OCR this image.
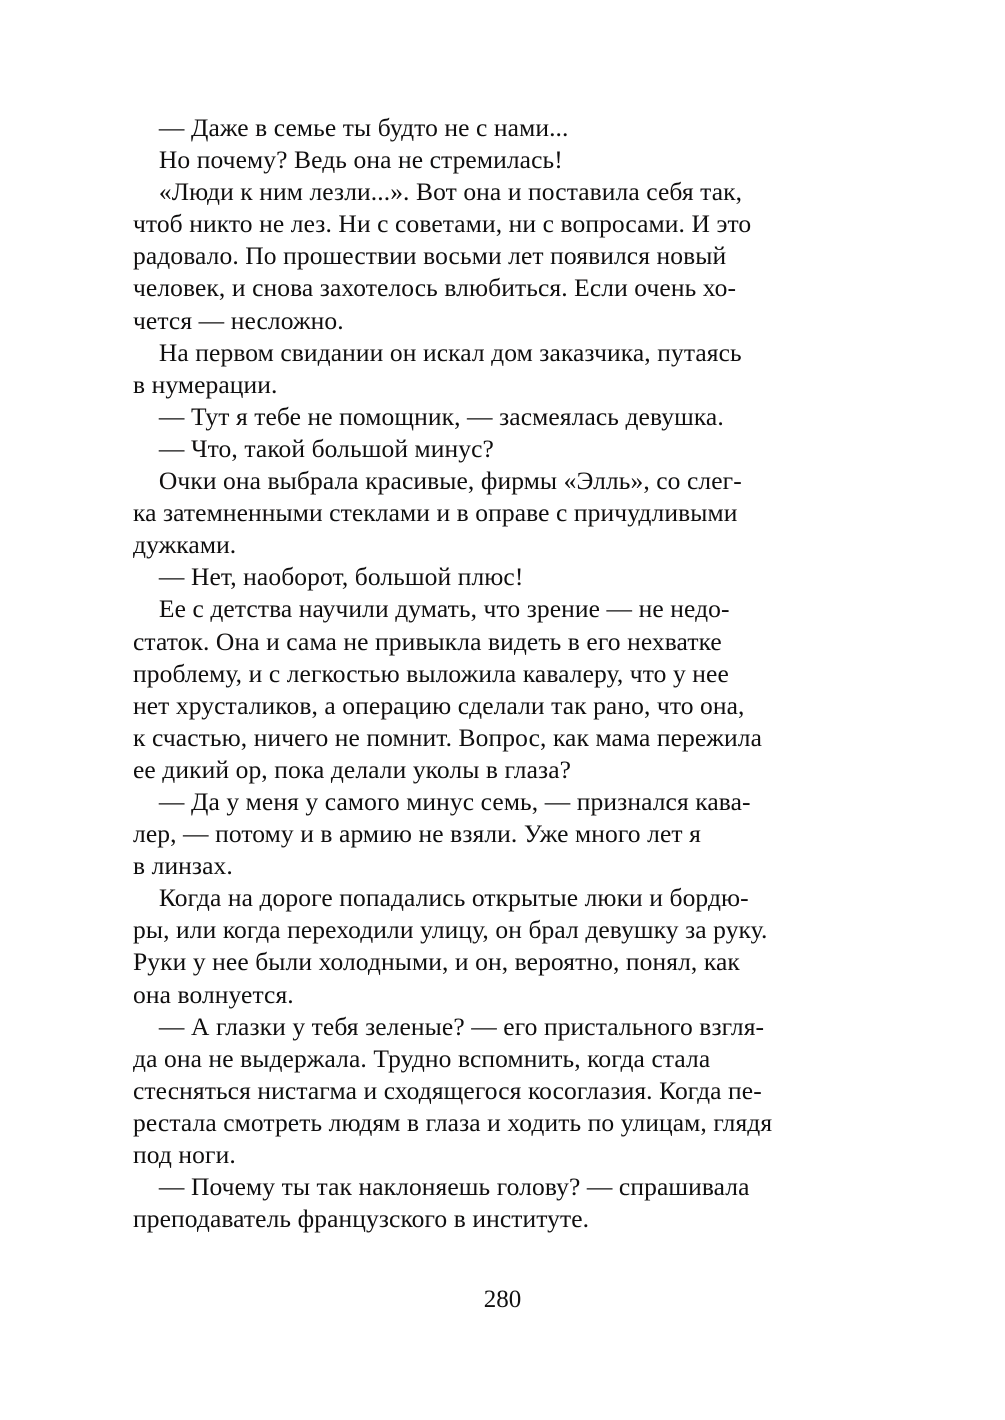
— Даже в семье ты будто не с нами...
Но почему? Ведь она не стремилась!
«Люди к ним лезли...». Вот она и поставила себя так,
чтоб никто не лез. Ни с советами, ни с вопросами. И это
радовало. По прошествии восьми лет появился новый
человек, и снова захотелось влюбиться. Если очень хо-
чется — несложно.
На первом свидании он искал дом заказчика, путаясь
в нумерации.
— Тут я тебе не помощник, — засмеялась девушка.
— Что, такой большой минус?
Очки она выбрала красивые, фирмы «Элль», со слег-
ка затемненными стеклами и в оправе с причудливыми
дужками.
— Нет, наоборот, большой плюс!
Ее с детства научили думать, что зрение — не недо-
статок. Она и сама не привыкла видеть в его нехватке
проблему, и с легкостью выложила кавалеру, что у нее
нет хрусталиков, а операцию сделали так рано, что она,
к счастью, ничего не помнит. Вопрос, как мама пережила
ее дикий ор, пока делали уколы в глаза?
— Да у меня у самого минус семь, — признался кава-
лер, — потому и в армию не взяли. Уже много лет я
в линзах.
Когда на дороге попадались открытые люки и бордю-
ры, или когда переходили улицу, он брал девушку за руку.
Руки у нее были холодными, и он, вероятно, понял, как
она волнуется.
— А глазки у тебя зеленые? — его пристального взгля-
да она не выдержала. Трудно вспомнить, когда стала
стесняться нистагма и сходящегося косоглазия. Когда пе-
рестала смотреть людям в глаза и ходить по улицам, глядя
под ноги.
— Почему ты так наклоняешь голову? — спрашивала
преподаватель французского в институте.
280
